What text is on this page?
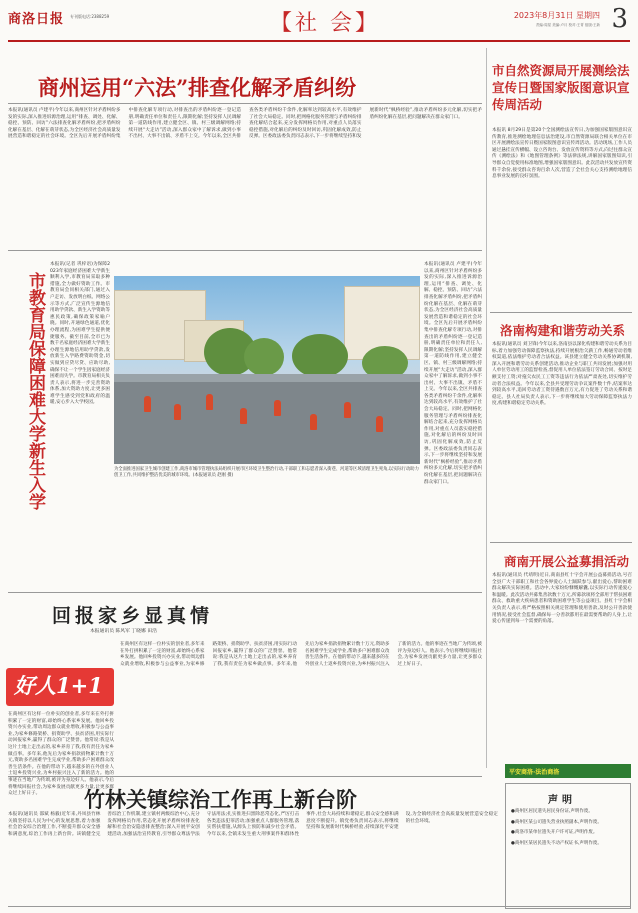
商洛日报 专刊版电话:2388259	【社 会】	2023年8月31日 星期四
责编:周星 美编:卢月 校对:王青 组版:王新 3
商州运用“六法”排查化解矛盾纠纷
本报讯(通讯员 卢建平)今年以来,商州区针对矛盾纠纷多发的实际,深入推进诉源治理,运用“排查、调处、化解、稳控、预防、回访”六法排查化解矛盾纠纷,把矛盾纠纷化解在基层、化解在萌芽状态,为全区经济社会高质量发展营造和谐稳定的社会环境。全区先后开展矛盾纠纷集中排查化解专项行动,对排查出的矛盾纠纷逐一登记造册,明确责任单位和责任人,限期化解;坚持发挥人民调解第一道防线作用,建立健全区、镇、村三级调解网络;持续开展“大走访”活动,深入群众家中了解诉求,做到小事不出村、大事不出镇、矛盾不上交。今年以来,全区共排查各类矛盾纠纷千余件,化解率达到较高水平,有效维护了社会大局稳定。同时,把网格化服务管理与矛盾纠纷排查化解结合起来,充分发挥网格员作用,对重点人员落实稳控措施,对化解后的纠纷及时回访,巩固化解成效,防止反弹。区委政法委负责同志表示,下一步将继续坚持和发展新时代“枫桥经验”,推动矛盾纠纷多元化解,切实把矛盾纠纷化解在基层,把问题解决在群众家门口。
市自然资源局开展测绘法宣传日暨国家版图意识宣传周活动
本报讯 8月29日是第20个全国测绘法宣传日,为加强国家版图意识宣传教育,推进测绘地理信息法治建设,市自然资源局联合相关单位在市区开展测绘法宣传日暨国家版图意识宣传周活动。活动现场,工作人员通过悬挂宣传横幅、设立咨询台、发放宣传资料等方式,向过往群众宣传《测绘法》和《地图管理条例》等法律法规,讲解国家版图知识,引导群众自觉使用标准地图,增强国家版图意识。此次活动共发放宣传资料千余份,接受群众咨询百余人次,营造了全社会关心支持测绘地理信息事业发展的良好氛围。
洛南构建和谐劳动关系
本报讯(通讯员 刘卫锋)今年以来,洛南县以深化构建和谐劳动关系为目标,着力加强劳动保障监察执法,持续开展根治欠薪工作,畅通劳动者维权渠道,依法维护劳动者合法权益。该县建立健全劳动关系协调机制,深入开展和谐劳动关系创建活动,推动企业与职工共同发展;加强对用人单位劳动用工的监督检查,督促用人单位依法签订劳动合同、按时足额支付工资;对拖欠农民工工资等违法行为依法严肃查处,切实维护劳动者合法权益。今年以来,全县共受理劳动争议案件数十件,结案率达到较高水平,追回劳动者工资待遇数百万元,有力促进了劳动关系和谐稳定。县人社局负责人表示,下一步将继续加大劳动保障监察执法力度,构建和谐稳定劳动关系。
商南开展公益募捐活动
本报讯(通讯员 代靖明)近日,商南县红十字会开展公益募捐活动,号召全县广大干部职工和社会各界爱心人士踊跃参与,献出爱心,帮助困难群众解决实际困难。活动中,大家纷纷慷慨解囊,以实际行动传递爱心和温暖。此次活动共募集善款数十万元,所募款项将全部用于帮扶困难群众、救助重大疾病患者和资助困难学生等公益项目。县红十字会相关负责人表示,将严格按照相关规定管理和使用善款,及时公开善款使用情况,接受社会监督,确保每一分善款都用在最需要帮助的人身上,让爱心传递到每一个需要的角落。
市教育局保障困难大学新生入学
本报讯(记者 巩梓语)为保障2023年家庭经济困难大学新生顺利入学,市教育局采取多种措施,全力做好资助工作。市教育局会同相关部门,通过入户走访、发放明白纸、网络公示等方式,广泛宣传生源地信用助学贷款、新生入学资助等惠民政策,确保政策家喻户晓。同时,开通绿色通道,优化办理流程,为困难学生提供便捷服务。截至目前,全市已为数千名家庭经济困难大学新生办理生源地信用助学贷款,发放新生入学路费资助资金,切实做到应贷尽贷、应助尽助,确保不让一个学生因家庭经济困难而失学。市教育局相关负责人表示,将进一步完善资助体系,加大资助力度,让更多困难学生感受到党和政府的温暖,安心步入大学校园。
为全面推进国家卫生城市创建工作,商洛市城市管理执法局组织开展市区环境卫生整治行动,干部职工和志愿者深入街巷、河道等区域清理卫生死角,以实际行动助力创卫工作,共同维护整洁优美的城市环境。(本报通讯员 赵刚 摄)
本报讯(通讯员 卢建平)今年以来,商州区针对矛盾纠纷多发的实际,深入推进诉源治理,运用“排查、调处、化解、稳控、预防、回访”六法排查化解矛盾纠纷,把矛盾纠纷化解在基层、化解在萌芽状态,为全区经济社会高质量发展营造和谐稳定的社会环境。全区先后开展矛盾纠纷集中排查化解专项行动,对排查出的矛盾纠纷逐一登记造册,明确责任单位和责任人,限期化解;坚持发挥人民调解第一道防线作用,建立健全区、镇、村三级调解网络;持续开展“大走访”活动,深入群众家中了解诉求,做到小事不出村、大事不出镇、矛盾不上交。今年以来,全区共排查各类矛盾纠纷千余件,化解率达到较高水平,有效维护了社会大局稳定。同时,把网格化服务管理与矛盾纠纷排查化解结合起来,充分发挥网格员作用,对重点人员落实稳控措施,对化解后的纠纷及时回访,巩固化解成效,防止反弹。区委政法委负责同志表示,下一步将继续坚持和发展新时代“枫桥经验”,推动矛盾纠纷多元化解,切实把矛盾纠纷化解在基层,把问题解决在群众家门口。
回报家乡显真情
本报通讯员 陈风军 丁晓娜 田浩
好人1+1
在商州区有这样一位朴实的创业者,多年来在外打拼积累了一定的财富,却始终心系家乡发展。他回乡投资兴办实业,带动周边群众就业增收,积极参与公益事业,为家乡修路架桥、捐资助学、扶贫济困,用实际行动回报家乡,赢得了群众的广泛赞誉。他常说:我是从这片土地上走出去的,家乡养育了我,我有责任为家乡做点事。多年来,他先后为家乡捐款捐物累计数十万元,资助多名困难学生完成学业,帮助多户困难群众改善生活条件。在他的带动下,越来越多的在外创业人士返乡投资兴业,为乡村振兴注入了新的活力。他的事迹在当地广为传颂,被评为身边好人。他表示,今后将继续回报社会,为家乡发展贡献更多力量,让更多群众过上好日子。
在商州区有这样一位朴实的创业者,多年来在外打拼积累了一定的财富,却始终心系家乡发展。他回乡投资兴办实业,带动周边群众就业增收,积极参与公益事业,为家乡修路架桥、捐资助学、扶贫济困,用实际行动回报家乡,赢得了群众的广泛赞誉。他常说:我是从这片土地上走出去的,家乡养育了我,我有责任为家乡做点事。多年来,他先后为家乡捐款捐物累计数十万元,资助多名困难学生完成学业,帮助多户困难群众改善生活条件。在他的带动下,越来越多的在外创业人士返乡投资兴业,为乡村振兴注入了新的活力。他的事迹在当地广为传颂,被评为身边好人。他表示,今后将继续回报社会,为家乡发展贡献更多力量,让更多群众过上好日子。
竹林关镇综治工作再上新台阶
本报讯(通讯员 邵斌 杨毅)近年来,丹凤县竹林关镇坚持以人民为中心的发展思想,着力加强社会治安综合治理工作,不断提升群众安全感和满意度,综治工作再上新台阶。该镇健全完善综治工作机制,建立镇村两级综治中心,充分发挥网格员作用,常态化开展矛盾纠纷排查化解和社会治安隐患排查整治;深入开展平安创建活动,加强法治宣传教育,引导群众尊法学法守法用法;扎实推进扫黑除恶常态化,严厉打击各类违法犯罪活动;加强重点人群服务管理,落实帮扶措施,从源头上预防和减少社会矛盾。今年以来,全镇未发生重大刑事案件和群体性事件,社会大局持续和谐稳定,群众安全感和满意度不断提升。镇党委负责同志表示,将继续坚持和发展新时代枫桥经验,持续深化平安建设,为全镇经济社会高质量发展营造安全稳定的社会环境。
平安商洛·法治商洛
声明
●商州区居民遗失居民身份证,声明作废。
●商州区某公司遗失营业执照副本,声明作废。
●商洛市某单位遗失开户许可证,声明作废。
●商州区某居民遗失不动产权证书,声明作废。
